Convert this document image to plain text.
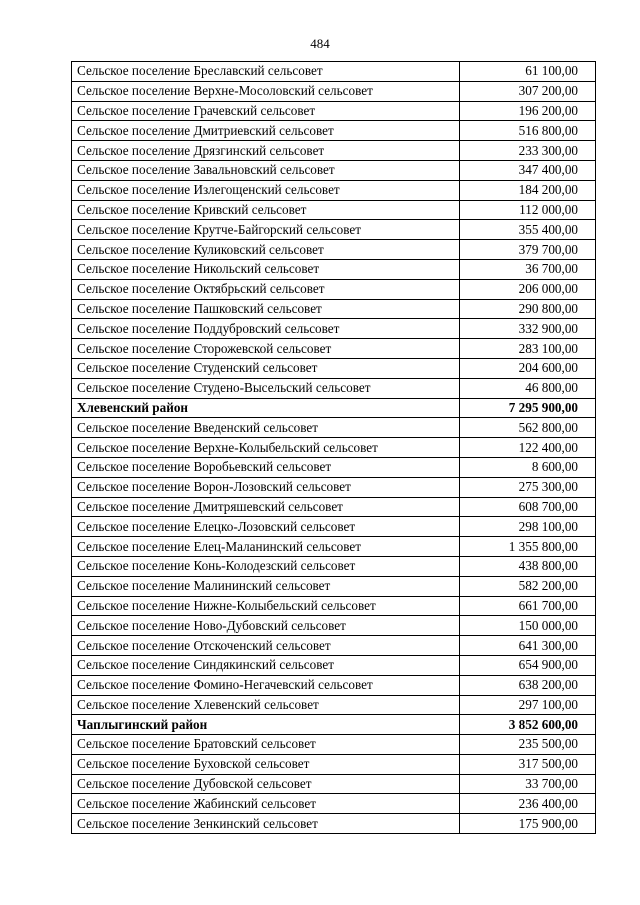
484
Сельское поселение Бреславский сельсовет	61 100,00
Сельское поселение Верхне-Мосоловский сельсовет	307 200,00
Сельское поселение Грачевский сельсовет	196 200,00
Сельское поселение Дмитриевский сельсовет	516 800,00
Сельское поселение Дрязгинский сельсовет	233 300,00
Сельское поселение Завальновский сельсовет	347 400,00
Сельское поселение Излегощенский сельсовет	184 200,00
Сельское поселение Кривский сельсовет	112 000,00
Сельское поселение Крутче-Байгорский сельсовет	355 400,00
Сельское поселение Куликовский сельсовет	379 700,00
Сельское поселение Никольский сельсовет	36 700,00
Сельское поселение Октябрьский сельсовет	206 000,00
Сельское поселение Пашковский сельсовет	290 800,00
Сельское поселение Поддубровский сельсовет	332 900,00
Сельское поселение Сторожевской сельсовет	283 100,00
Сельское поселение Студенский сельсовет	204 600,00
Сельское поселение Студено-Высельский сельсовет	46 800,00
Хлевенский район	7 295 900,00
Сельское поселение Введенский сельсовет	562 800,00
Сельское поселение Верхне-Колыбельский сельсовет	122 400,00
Сельское поселение Воробьевский сельсовет	8 600,00
Сельское поселение Ворон-Лозовский сельсовет	275 300,00
Сельское поселение Дмитряшевский сельсовет	608 700,00
Сельское поселение Елецко-Лозовский сельсовет	298 100,00
Сельское поселение Елец-Маланинский сельсовет	1 355 800,00
Сельское поселение Конь-Колодезский сельсовет	438 800,00
Сельское поселение Малининский сельсовет	582 200,00
Сельское поселение Нижне-Колыбельский сельсовет	661 700,00
Сельское поселение Ново-Дубовский сельсовет	150 000,00
Сельское поселение Отскоченский сельсовет	641 300,00
Сельское поселение Синдякинский сельсовет	654 900,00
Сельское поселение Фомино-Негачевский сельсовет	638 200,00
Сельское поселение Хлевенский сельсовет	297 100,00
Чаплыгинский район	3 852 600,00
Сельское поселение Братовский сельсовет	235 500,00
Сельское поселение Буховской сельсовет	317 500,00
Сельское поселение Дубовской сельсовет	33 700,00
Сельское поселение Жабинский сельсовет	236 400,00
Сельское поселение Зенкинский сельсовет	175 900,00
